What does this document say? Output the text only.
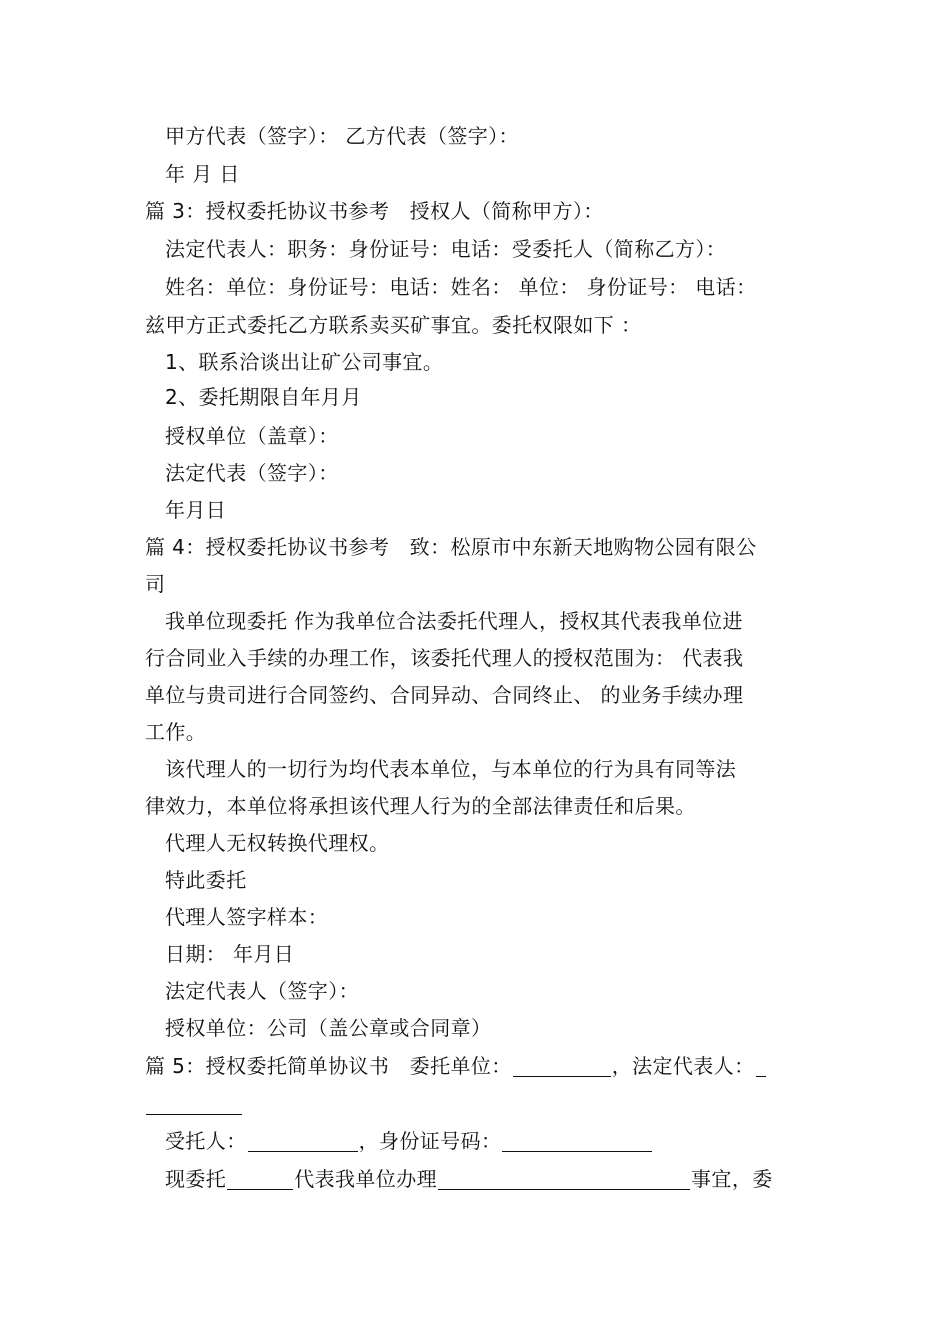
甲方代表（签字）： 乙方代表（签字）：
年 月 日
篇 3：授权委托协议书参考　授权人（简称甲方）：
法定代表人：职务：身份证号：电话：受委托人（简称乙方）：
姓名：单位：身份证号：电话：姓名： 单位： 身份证号： 电话：
兹甲方正式委托乙方联系卖买矿事宜。委托权限如下 ：
1、联系洽谈出让矿公司事宜。
2、委托期限自年月月
授权单位（盖章）：
法定代表（签字）：
年月日
篇 4：授权委托协议书参考　致：松原市中东新天地购物公园有限公
司
我单位现委托 作为我单位合法委托代理人，授权其代表我单位进
行合同业入手续的办理工作，该委托代理人的授权范围为： 代表我
单位与贵司进行合同签约、合同异动、合同终止、 的业务手续办理
工作。
该代理人的一切行为均代表本单位，与本单位的行为具有同等法
律效力，本单位将承担该代理人行为的全部法律责任和后果。
代理人无权转换代理权。
特此委托
代理人签字样本：
日期： 年月日
法定代表人（签字）：
授权单位：公司（盖公章或合同章）
篇 5：授权委托简单协议书　委托单位：	，法定代表人：
受托人：	，身份证号码：
现委托	代表我单位办理	事宜，委
